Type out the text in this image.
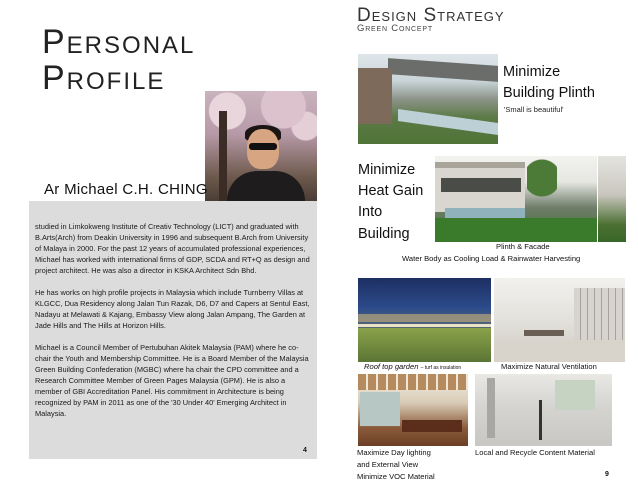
Personal
Profile
Ar Michael C.H. CHING

studied in Limkokweng Institute of Creativ Technology (LICT) and graduated with B.Arts(Arch) from Deakin University in 1996 and subsequent B.Arch from University of Malaya in 2000. For the past 12 years of accumulated professional experiences, Michael has worked with international firms of GDP, SCDA and RT+Q as design and project architect. He was also a director in KSKA Architect Sdn Bhd.

He has works on high profile projects in Malaysia which include Turnberry Villas at KLGCC, Dua Residency along Jalan Tun Razak, D6, D7 and Capers at Sentul East, Nadayu at Melawati & Kajang, Embassy View along Jalan Ampang, The Garden at Jade Hills and The Hills at Horizon Hills.

Michael is a Council Member of Pertubuhan Akitek Malaysia (PAM) where he co-chair the Youth and Membership Committee. He is a Board Member of the Malaysia Green Building Confederation (MGBC) where ha chair the CPD committee and a Research Committee Member of Green Pages Malaysia (GPM). He is also a member of GBI Accreditation Panel. His commitment in Architecture is being recognized by PAM in 2011 as one of the '30 Under 40' Emerging Architect in Malaysia.

4
Design Strategy
Green Concept
Minimize
Building Plinth
'Small is beautiful'
Minimize
Heat Gain
Into
Building
Plinth & Facade
Water Body as Cooling Load & Rainwater Harvesting
Roof top garden – turf as insulation	Maximize Natural Ventilation
Maximize Day lighting
and External View
Minimize VOC Material
Local and Recycle Content Material
9
